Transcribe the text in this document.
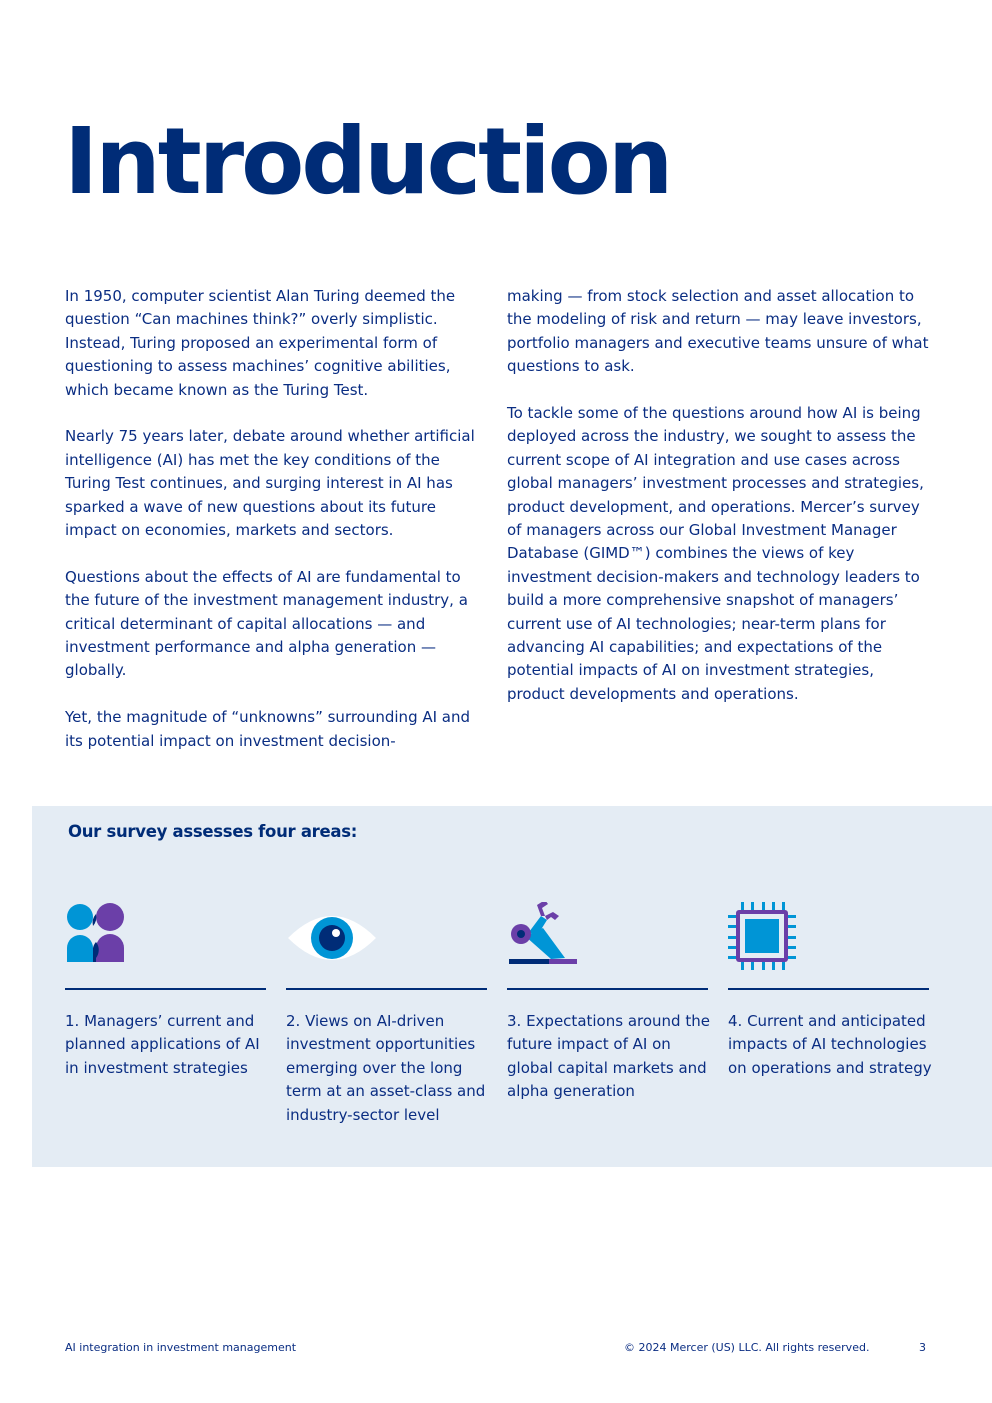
Introduction

In 1950, computer scientist Alan Turing deemed the question “Can machines think?” overly simplistic. Instead, Turing proposed an experimental form of questioning to assess machines’ cognitive abilities, which became known as the Turing Test.

Nearly 75 years later, debate around whether artificial intelligence (AI) has met the key conditions of the Turing Test continues, and surging interest in AI has sparked a wave of new questions about its future impact on economies, markets and sectors.

Questions about the effects of AI are fundamental to the future of the investment management industry, a critical determinant of capital allocations — and investment performance and alpha generation — globally.

Yet, the magnitude of “unknowns” surrounding AI and its potential impact on investment decision-

making — from stock selection and asset allocation to the modeling of risk and return — may leave investors, portfolio managers and executive teams unsure of what questions to ask.

To tackle some of the questions around how AI is being deployed across the industry, we sought to assess the current scope of AI integration and use cases across global managers’ investment processes and strategies, product development, and operations. Mercer’s survey of managers across our Global Investment Manager Database (GIMD™) combines the views of key investment decision-makers and technology leaders to build a more comprehensive snapshot of managers’ current use of AI technologies; near-term plans for advancing AI capabilities; and expectations of the potential impacts of AI on investment strategies, product developments and operations.

Our survey assesses four areas:
1. Managers’ current and planned applications of AI in investment strategies
2. Views on AI-driven investment opportunities emerging over the long term at an asset-class and industry-sector level
3. Expectations around the future impact of AI on global capital markets and alpha generation
4. Current and anticipated impacts of AI technologies on operations and strategy
AI integration in investment management	© 2024 Mercer (US) LLC. All rights reserved.	3
